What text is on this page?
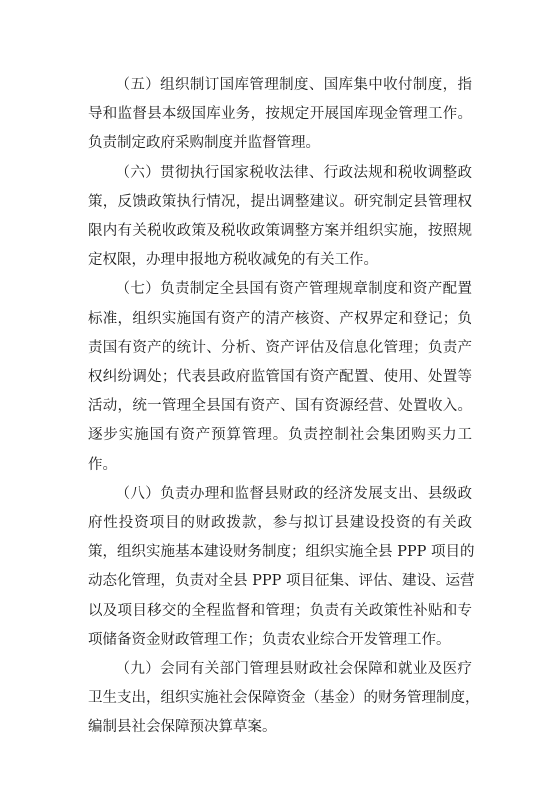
（五）组织制订国库管理制度、国库集中收付制度，指
导和监督县本级国库业务，按规定开展国库现金管理工作。
负责制定政府采购制度并监督管理。
（六）贯彻执行国家税收法律、行政法规和税收调整政
策，反馈政策执行情况，提出调整建议。研究制定县管理权
限内有关税收政策及税收政策调整方案并组织实施，按照规
定权限，办理申报地方税收减免的有关工作。
（七）负责制定全县国有资产管理规章制度和资产配置
标准，组织实施国有资产的清产核资、产权界定和登记；负
责国有资产的统计、分析、资产评估及信息化管理；负责产
权纠纷调处；代表县政府监管国有资产配置、使用、处置等
活动，统一管理全县国有资产、国有资源经营、处置收入。
逐步实施国有资产预算管理。负责控制社会集团购买力工
作。
（八）负责办理和监督县财政的经济发展支出、县级政
府性投资项目的财政拨款，参与拟订县建设投资的有关政
策，组织实施基本建设财务制度；组织实施全县 PPP 项目的
动态化管理，负责对全县 PPP 项目征集、评估、建设、运营
以及项目移交的全程监督和管理；负责有关政策性补贴和专
项储备资金财政管理工作；负责农业综合开发管理工作。
（九）会同有关部门管理县财政社会保障和就业及医疗
卫生支出，组织实施社会保障资金（基金）的财务管理制度，
编制县社会保障预决算草案。
